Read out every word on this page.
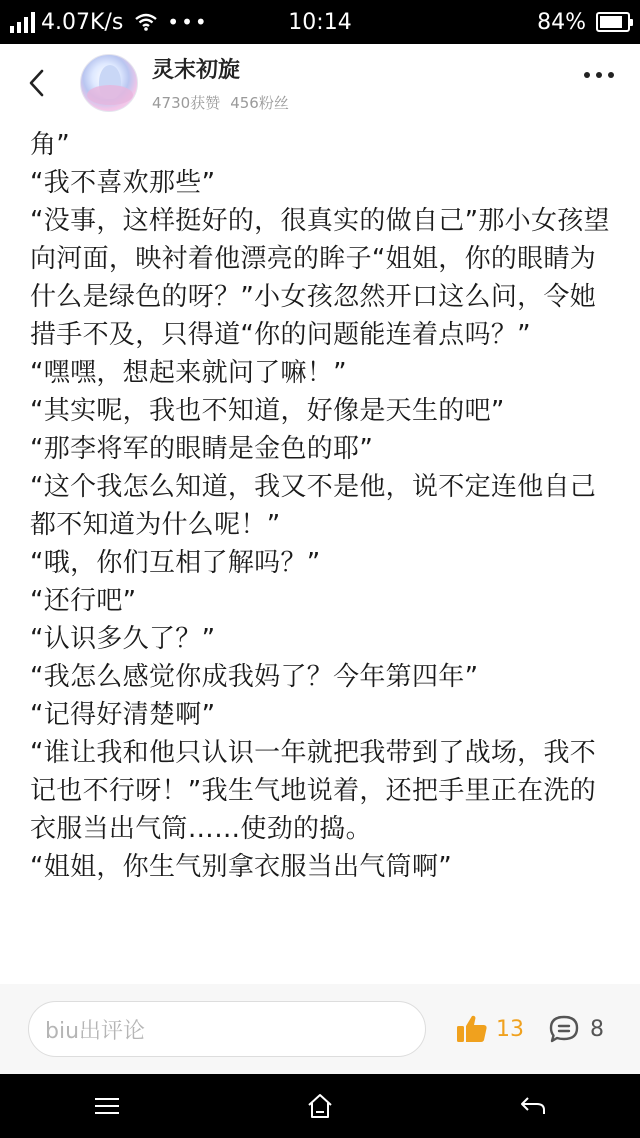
4.07K/s •••	10:14	84%
灵末初旋
4730获赞 456粉丝

角”

“我不喜欢那些”

“没事，这样挺好的，很真实的做自己”那小女孩望向河面，映衬着他漂亮的眸子“姐姐，你的眼睛为什么是绿色的呀？”小女孩忽然开口这么问，令她措手不及，只得道“你的问题能连着点吗？”

“嘿嘿，想起来就问了嘛！”

“其实呢，我也不知道，好像是天生的吧”

“那李将军的眼睛是金色的耶”

“这个我怎么知道，我又不是他，说不定连他自己都不知道为什么呢！”

“哦，你们互相了解吗？”

“还行吧”

“认识多久了？”

“我怎么感觉你成我妈了？今年第四年”

“记得好清楚啊”

“谁让我和他只认识一年就把我带到了战场，我不记也不行呀！”我生气地说着，还把手里正在洗的衣服当出气筒……使劲的捣。

“姐姐，你生气别拿衣服当出气筒啊”

biu出评论	13	8
